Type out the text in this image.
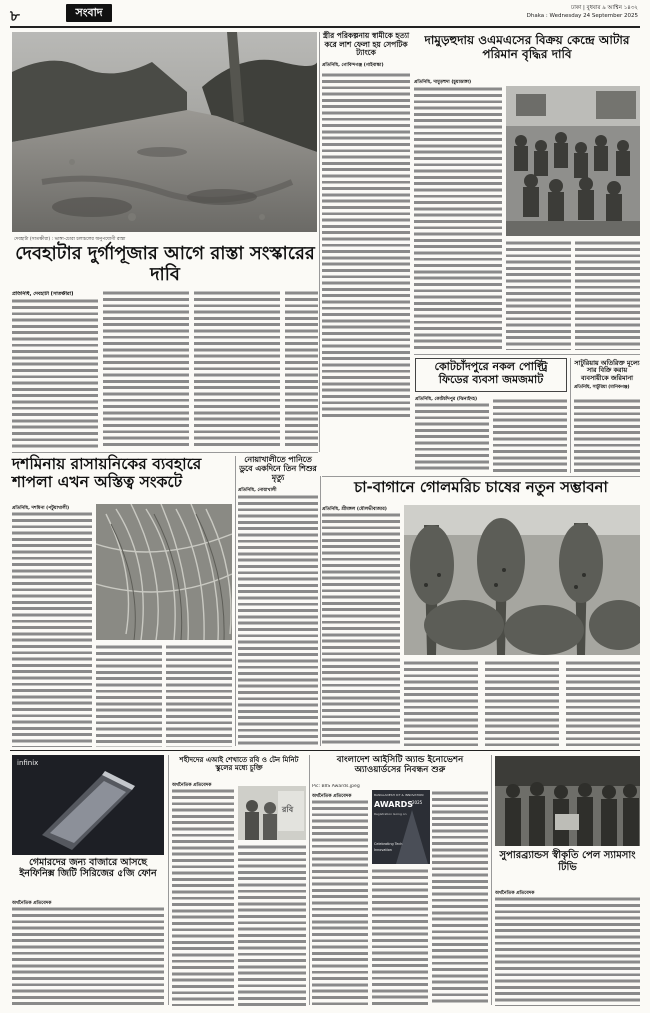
৮	সংবাদ	ঢাকা | বুধবার ৯ আশ্বিন ১৪৩২
Dhaka : Wednesday 24 September 2025
দেবহাটা (সাতক্ষীরা) : ভাঙ্গা-চোরা চলাচলের অনুপযোগী রাস্তা
দেবহাটার দুর্গাপূজার আগে রাস্তা সংস্কারের দাবি
প্রতিনিধি, দেবহাটা (সাতক্ষীরা)
স্ত্রীর পরিকল্পনায় স্বামীকে হত্যা করে লাশ ফেলা হয় সেপটিক ট্যাংকে
প্রতিনিধি, গোবিন্দগঞ্জ (গাইবান্ধা)
দামুড়হুদায় ওএমএসের বিক্রয় কেন্দ্রে আটার পরিমান বৃদ্ধির দাবি
প্রতিনিধি, দামুড়হুদা (চুয়াডাঙ্গা)
কোটচাঁদপুরে নকল পোল্ট্রি ফিডের ব্যবসা জমজমাট
প্রতিনিধি, কোটচাঁদপুর (ঝিনাইদহ)
সাটুরিয়ায় অতিরিক্ত মূল্যে সার বিক্রি করায় ব্যবসায়ীকে জরিমানা
প্রতিনিধি, সাটুরিয়া (মানিকগঞ্জ)
দশমিনায় রাসায়নিকের ব্যবহারে শাপলা এখন অস্তিত্ব সংকটে
প্রতিনিধি, দশমিনা (পটুয়াখালী)
নোয়াখালীতে পানিতে ডুবে একদিনে তিন শিশুর মৃত্যু
প্রতিনিধি, নোয়াখালী	চা-বাগানে গোলমরিচ চাষের নতুন সম্ভাবনা
প্রতিনিধি, শ্রীমঙ্গল (মৌলভীবাজার)
infinix
গেমারদের জন্য বাজারে আসছে ইনফিনিক্স জিটি সিরিজের ৫জি ফোন
অর্থনৈতিক প্রতিবেদক
শহীদদের এআই শেখাতে রবি ও টেন মিনিট স্কুলের মধ্যে চুক্তি
অর্থনৈতিক প্রতিবেদক
রবি
বাংলাদেশ আইসিটি অ্যান্ড ইনোভেশন অ্যাওয়ার্ডসের নিবন্ধন শুরু
Pic: BIIS Awards.jpeg
অর্থনৈতিক প্রতিবেদক	BANGLADESH ICT & INNOVATION
AWARDS
2025
Registration Going on
Celebrating Tech
Innovation	সুপারব্র্যান্ডস স্বীকৃতি পেল স্যামসাং টিভি
অর্থনৈতিক প্রতিবেদক
